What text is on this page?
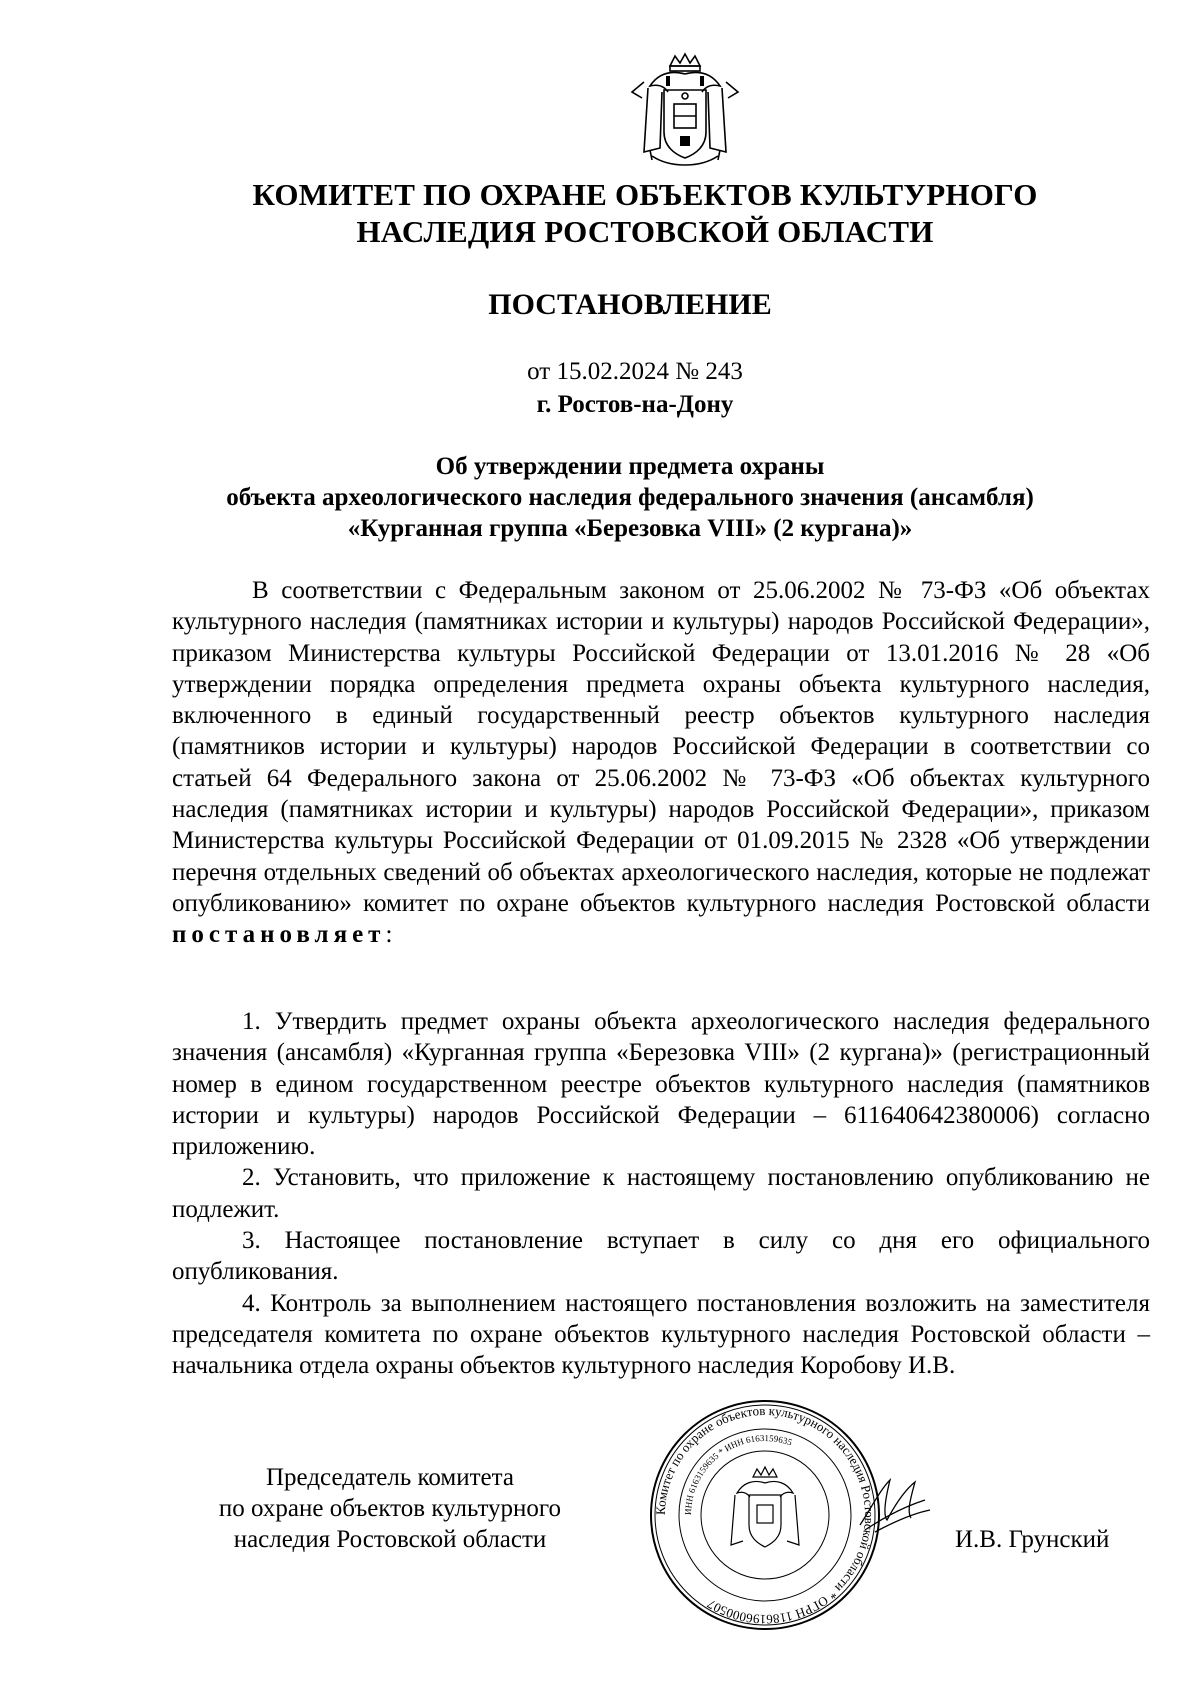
КОМИТЕТ ПО ОХРАНЕ ОБЪЕКТОВ КУЛЬТУРНОГО
НАСЛЕДИЯ РОСТОВСКОЙ ОБЛАСТИ
ПОСТАНОВЛЕНИЕ
от 15.02.2024 № 243
г. Ростов-на-Дону
Об утверждении предмета охраны
объекта археологического наследия федерального значения (ансамбля)
«Курганная группа «Березовка VIII» (2 кургана)»
В соответствии с Федеральным законом от 25.06.2002 № 73-ФЗ «Об объектах культурного наследия (памятниках истории и культуры) народов Российской Федерации», приказом Министерства культуры Российской Федерации от 13.01.2016 № 28 «Об утверждении порядка определения предмета охраны объекта культурного наследия, включенного в единый государственный реестр объектов культурного наследия (памятников истории и культуры) народов Российской Федерации в соответствии со статьей 64 Федерального закона от 25.06.2002 № 73-ФЗ «Об объектах культурного наследия (памятниках истории и культуры) народов Российской Федерации», приказом Министерства культуры Российской Федерации от 01.09.2015 № 2328 «Об утверждении перечня отдельных сведений об объектах археологического наследия, которые не подлежат опубликованию» комитет по охране объектов культурного наследия Ростовской области постановляет:

1. Утвердить предмет охраны объекта археологического наследия федерального значения (ансамбля) «Курганная группа «Березовка VIII» (2 кургана)» (регистрационный номер в едином государственном реестре объектов культурного наследия (памятников истории и культуры) народов Российской Федерации – 611640642380006) согласно приложению.

2. Установить, что приложение к настоящему постановлению опубликованию не подлежит.

3. Настоящее постановление вступает в силу со дня его официального опубликования.

4. Контроль за выполнением настоящего постановления возложить на заместителя председателя комитета по охране объектов культурного наследия Ростовской области – начальника отдела охраны объектов культурного наследия Коробову И.В.

Председатель комитета
по охране объектов культурного
наследия Ростовской области
Комитет по охране объектов культурного наследия Ростовской области * ОГРН 1186196000507
ИНН 6163159635 * ИНН 6163159635
И.В. Грунский
